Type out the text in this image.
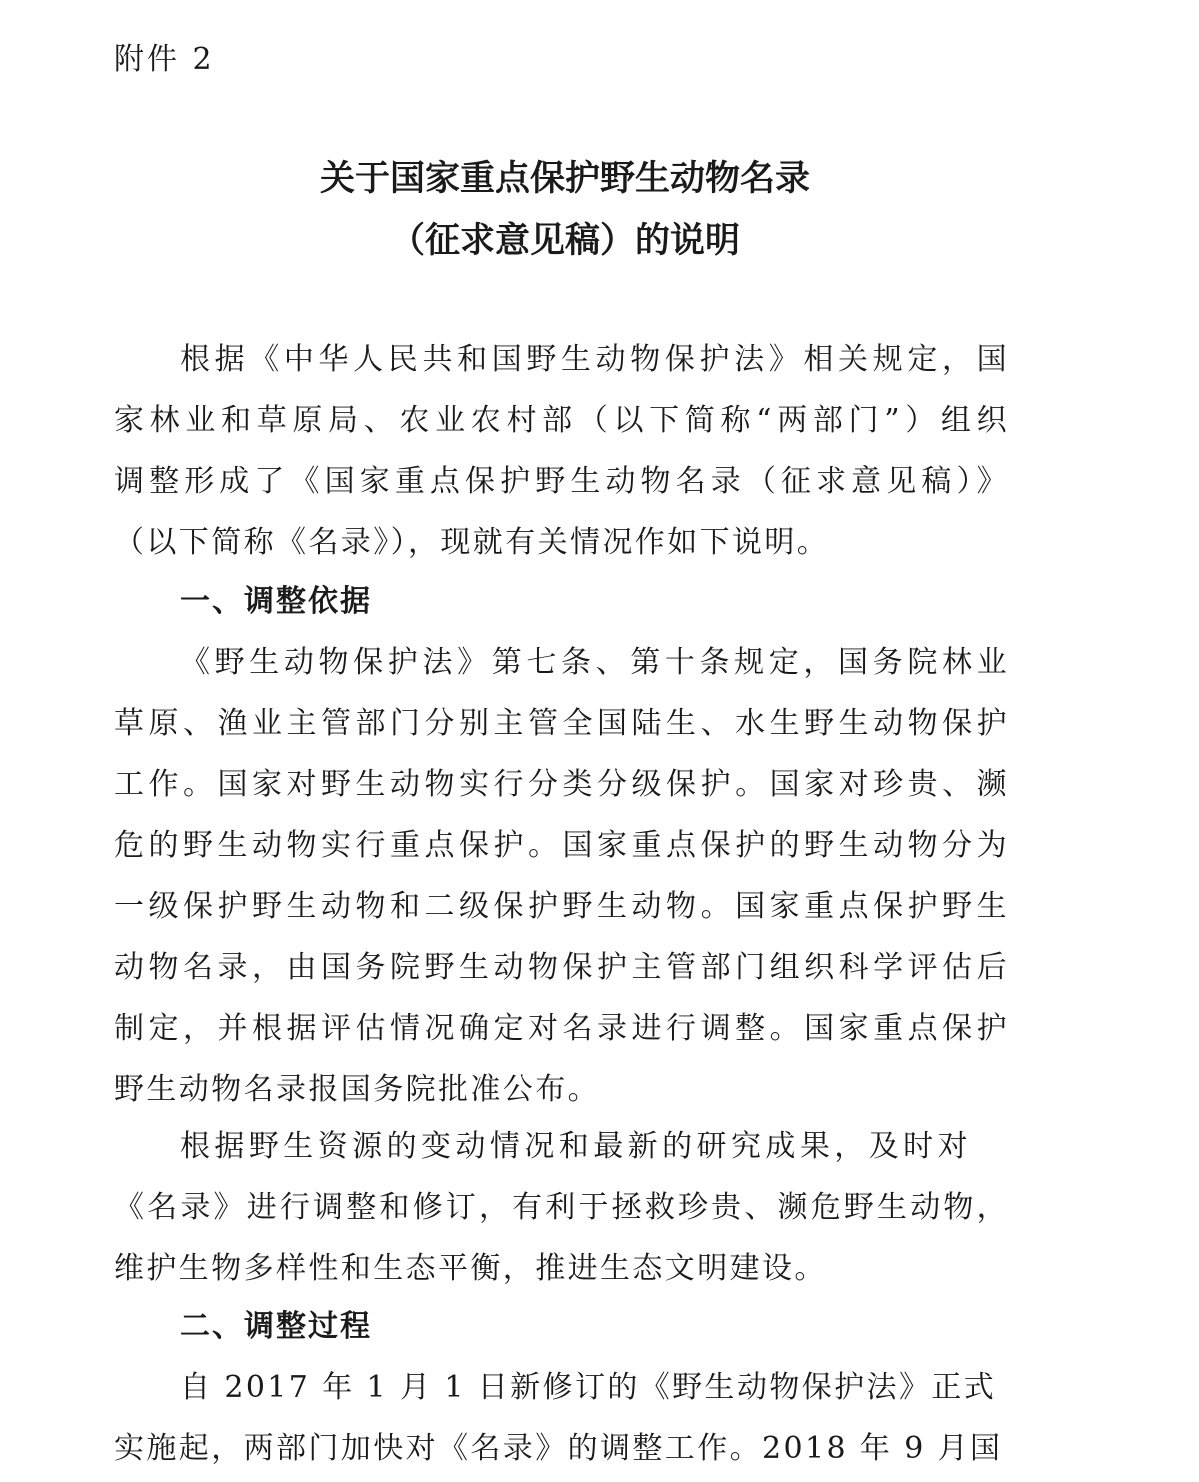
附件 2
关于国家重点保护野生动物名录
（征求意见稿）的说明
根据《中华人民共和国野生动物保护法》相关规定，国
家林业和草原局、农业农村部（以下简称“两部门”）组织
调整形成了《国家重点保护野生动物名录（征求意见稿）》
（以下简称《名录》），现就有关情况作如下说明。
一、调整依据
《野生动物保护法》第七条、第十条规定，国务院林业
草原、渔业主管部门分别主管全国陆生、水生野生动物保护
工作。国家对野生动物实行分类分级保护。国家对珍贵、濒
危的野生动物实行重点保护。国家重点保护的野生动物分为
一级保护野生动物和二级保护野生动物。国家重点保护野生
动物名录，由国务院野生动物保护主管部门组织科学评估后
制定，并根据评估情况确定对名录进行调整。国家重点保护
野生动物名录报国务院批准公布。
根据野生资源的变动情况和最新的研究成果，及时对
《名录》进行调整和修订，有利于拯救珍贵、濒危野生动物，
维护生物多样性和生态平衡，推进生态文明建设。
二、调整过程
自 2017 年 1 月 1 日新修订的《野生动物保护法》正式
实施起，两部门加快对《名录》的调整工作。2018 年 9 月国
